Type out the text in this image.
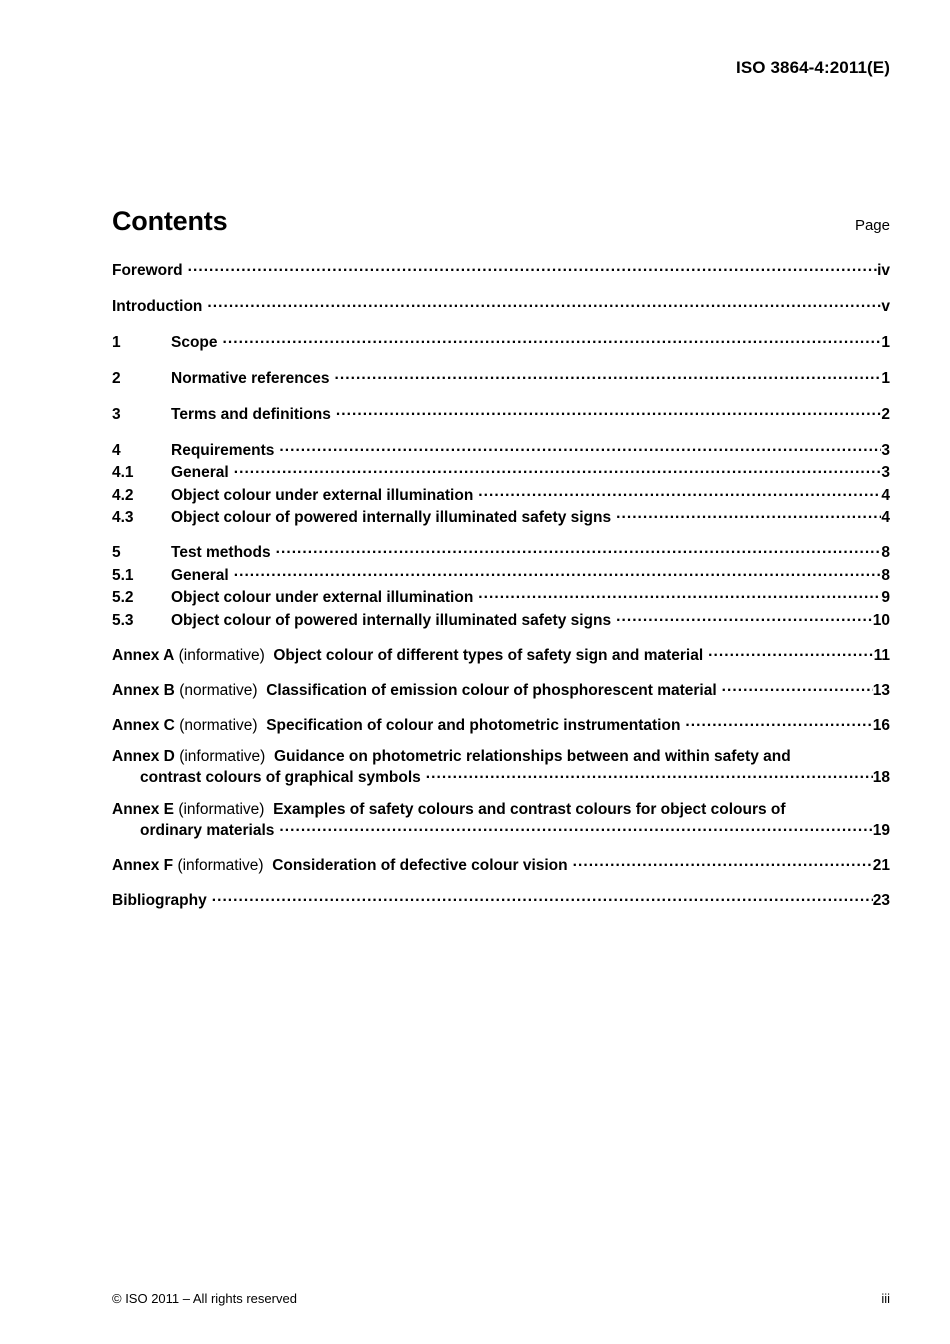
ISO 3864-4:2011(E)
Contents	Page
Foreword .....	iv
Introduction .....	v
1	Scope .....	1
2	Normative references .....	1
3	Terms and definitions .....	2
4	Requirements .....	3
4.1	General .....	3
4.2	Object colour under external illumination .....	4
4.3	Object colour of powered internally illuminated safety signs .....	4
5	Test methods .....	8
5.1	General .....	8
5.2	Object colour under external illumination .....	9
5.3	Object colour of powered internally illuminated safety signs .....	10
Annex A (informative) Object colour of different types of safety sign and material .....	11
Annex B (normative) Classification of emission colour of phosphorescent material .....	13
Annex C (normative) Specification of colour and photometric instrumentation .....	16
Annex D (informative) Guidance on photometric relationships between and within safety and
contrast colours of graphical symbols .....	18
Annex E (informative) Examples of safety colours and contrast colours for object colours of
ordinary materials .....	19
Annex F (informative) Consideration of defective colour vision .....	21
Bibliography .....	23
© ISO 2011 – All rights reserved	iii
